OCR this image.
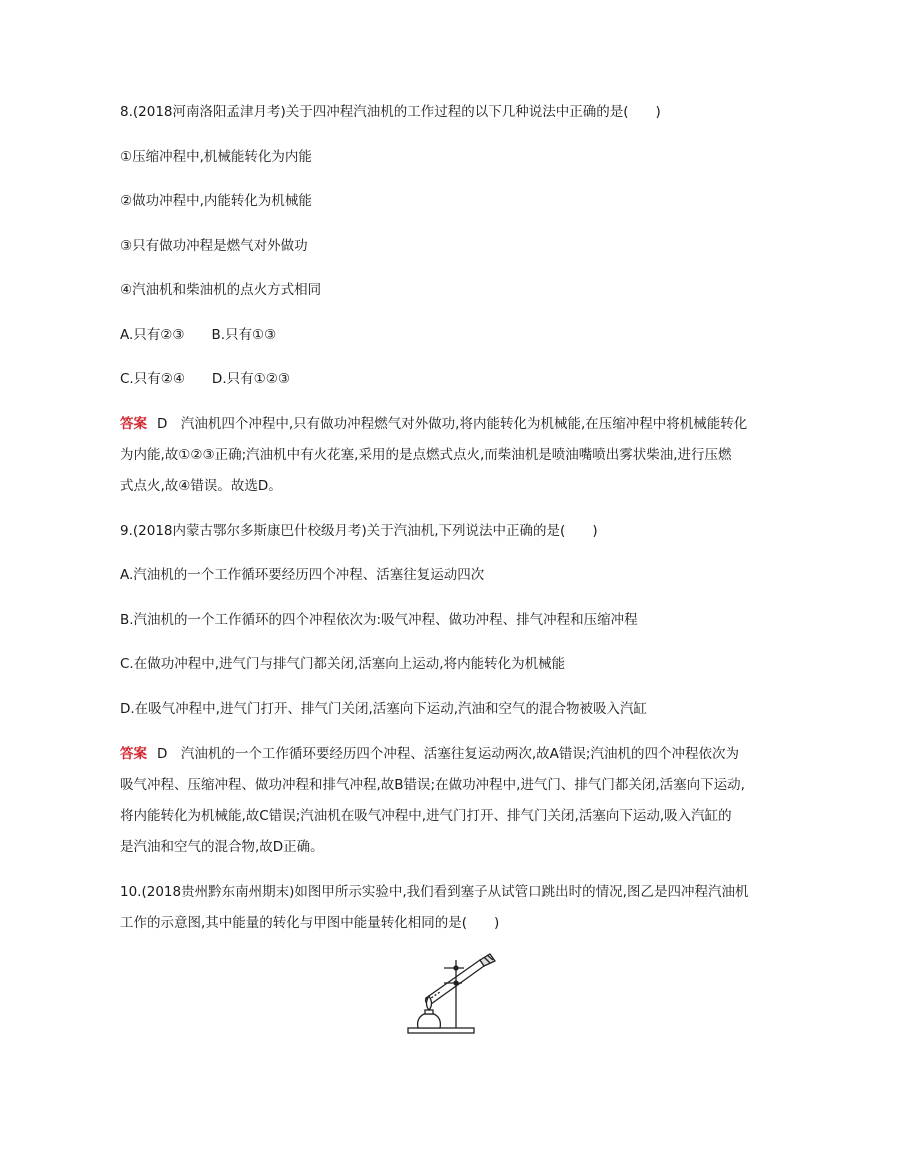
8.(2018河南洛阳孟津月考)关于四冲程汽油机的工作过程的以下几种说法中正确的是(　　)
①压缩冲程中,机械能转化为内能
②做功冲程中,内能转化为机械能
③只有做功冲程是燃气对外做功
④汽油机和柴油机的点火方式相同
A.只有②③　　B.只有①③
C.只有②④　　D.只有①②③
答案 D　汽油机四个冲程中,只有做功冲程燃气对外做功,将内能转化为机械能,在压缩冲程中将机械能转化
为内能,故①②③正确;汽油机中有火花塞,采用的是点燃式点火,而柴油机是喷油嘴喷出雾状柴油,进行压燃
式点火,故④错误。故选D。
9.(2018内蒙古鄂尔多斯康巴什校级月考)关于汽油机,下列说法中正确的是(　　)
A.汽油机的一个工作循环要经历四个冲程、活塞往复运动四次
B.汽油机的一个工作循环的四个冲程依次为:吸气冲程、做功冲程、排气冲程和压缩冲程
C.在做功冲程中,进气门与排气门都关闭,活塞向上运动,将内能转化为机械能
D.在吸气冲程中,进气门打开、排气门关闭,活塞向下运动,汽油和空气的混合物被吸入汽缸
答案 D　汽油机的一个工作循环要经历四个冲程、活塞往复运动两次,故A错误;汽油机的四个冲程依次为
吸气冲程、压缩冲程、做功冲程和排气冲程,故B错误;在做功冲程中,进气门、排气门都关闭,活塞向下运动,
将内能转化为机械能,故C错误;汽油机在吸气冲程中,进气门打开、排气门关闭,活塞向下运动,吸入汽缸的
是汽油和空气的混合物,故D正确。
10.(2018贵州黔东南州期末)如图甲所示实验中,我们看到塞子从试管口跳出时的情况,图乙是四冲程汽油机
工作的示意图,其中能量的转化与甲图中能量转化相同的是(　　)
